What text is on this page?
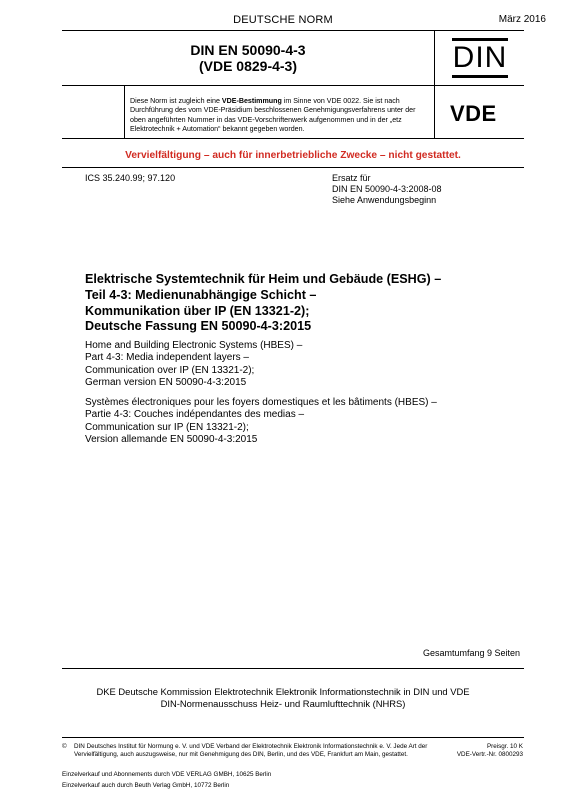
DEUTSCHE NORM	März 2016
DIN EN 50090-4-3
(VDE 0829-4-3)	DIN
Diese Norm ist zugleich eine VDE-Bestimmung im Sinne von VDE 0022. Sie ist nach Durchführung des vom VDE-Präsidium beschlossenen Genehmigungsverfahrens unter der oben angeführten Nummer in das VDE-Vorschriftenwerk aufgenommen und in der „etz Elektrotechnik + Automation“ bekannt gegeben worden.
VDE
Vervielfältigung – auch für innerbetriebliche Zwecke – nicht gestattet.
ICS 35.240.99; 97.120	Ersatz für
DIN EN 50090-4-3:2008-08
Siehe Anwendungsbeginn
Elektrische Systemtechnik für Heim und Gebäude (ESHG) –
Teil 4-3: Medienunabhängige Schicht –
Kommunikation über IP (EN 13321-2);
Deutsche Fassung EN 50090-4-3:2015
Home and Building Electronic Systems (HBES) –
Part 4-3: Media independent layers –
Communication over IP (EN 13321-2);
German version EN 50090-4-3:2015
Systèmes électroniques pour les foyers domestiques et les bâtiments (HBES) –
Partie 4-3: Couches indépendantes des medias –
Communication sur IP (EN 13321-2);
Version allemande EN 50090-4-3:2015
Gesamtumfang 9 Seiten
DKE Deutsche Kommission Elektrotechnik Elektronik Informationstechnik in DIN und VDE
DIN-Normenausschuss Heiz- und Raumlufttechnik (NHRS)
© DIN Deutsches Institut für Normung e. V. und VDE Verband der Elektrotechnik Elektronik Informationstechnik e. V. Jede Art der Vervielfältigung, auch auszugsweise, nur mit Genehmigung des DIN, Berlin, und des VDE, Frankfurt am Main, gestattet.
Preisgr. 10 K
VDE-Vertr.-Nr. 0800293
Einzelverkauf und Abonnements durch VDE VERLAG GMBH, 10625 Berlin
Einzelverkauf auch durch Beuth Verlag GmbH, 10772 Berlin
